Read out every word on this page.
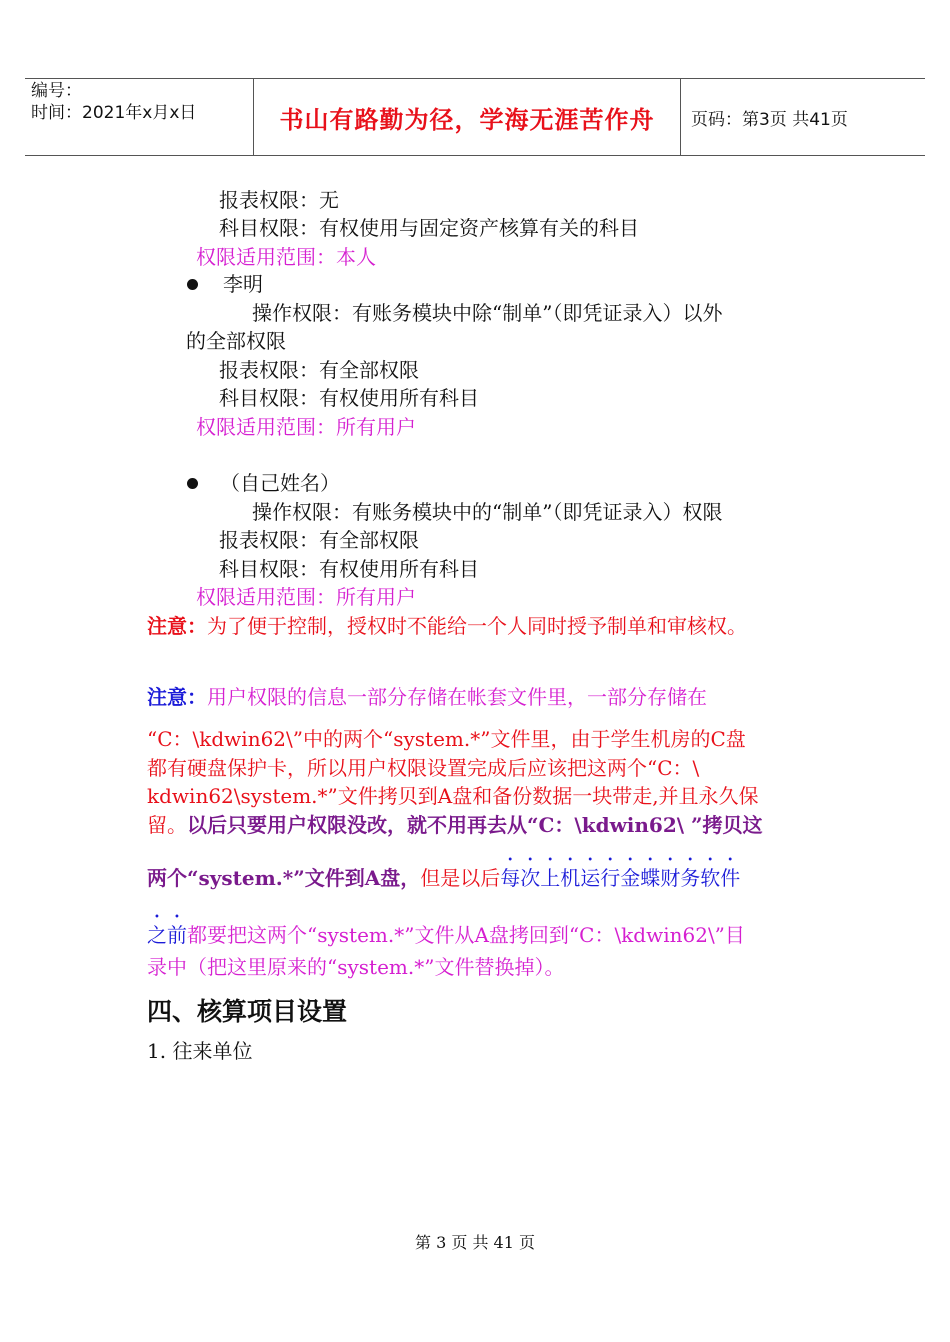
编号：
时间：2021年x月x日	书山有路勤为径，学海无涯苦作舟	页码：第3页 共41页
报表权限：无
科目权限：有权使用与固定资产核算有关的科目
权限适用范围：本人
李明
操作权限：有账务模块中除“制单”（即凭证录入）以外
的全部权限
报表权限：有全部权限
科目权限：有权使用所有科目
权限适用范围：所有用户
（自己姓名）
操作权限：有账务模块中的“制单”（即凭证录入）权限
报表权限：有全部权限
科目权限：有权使用所有科目
权限适用范围：所有用户
注意：为了便于控制，授权时不能给一个人同时授予制单和审核权。
注意：用户权限的信息一部分存储在帐套文件里，一部分存储在
“C：\kdwin62\”中的两个“system.*”文件里，由于学生机房的C盘
都有硬盘保护卡，所以用户权限设置完成后应该把这两个“C：\
kdwin62\system.*”文件拷贝到A盘和备份数据一块带走,并且永久保
留。以后只要用户权限没改，就不用再去从“C：\kdwin62\ ”拷贝这
两个“system.*”文件到A盘，但是以后每次上机运行金蝶财务软件
之前都要把这两个“system.*”文件从A盘拷回到“C：\kdwin62\”目
录中（把这里原来的“system.*”文件替换掉）。
四、核算项目设置
1. 往来单位
第 3 页 共 41 页
